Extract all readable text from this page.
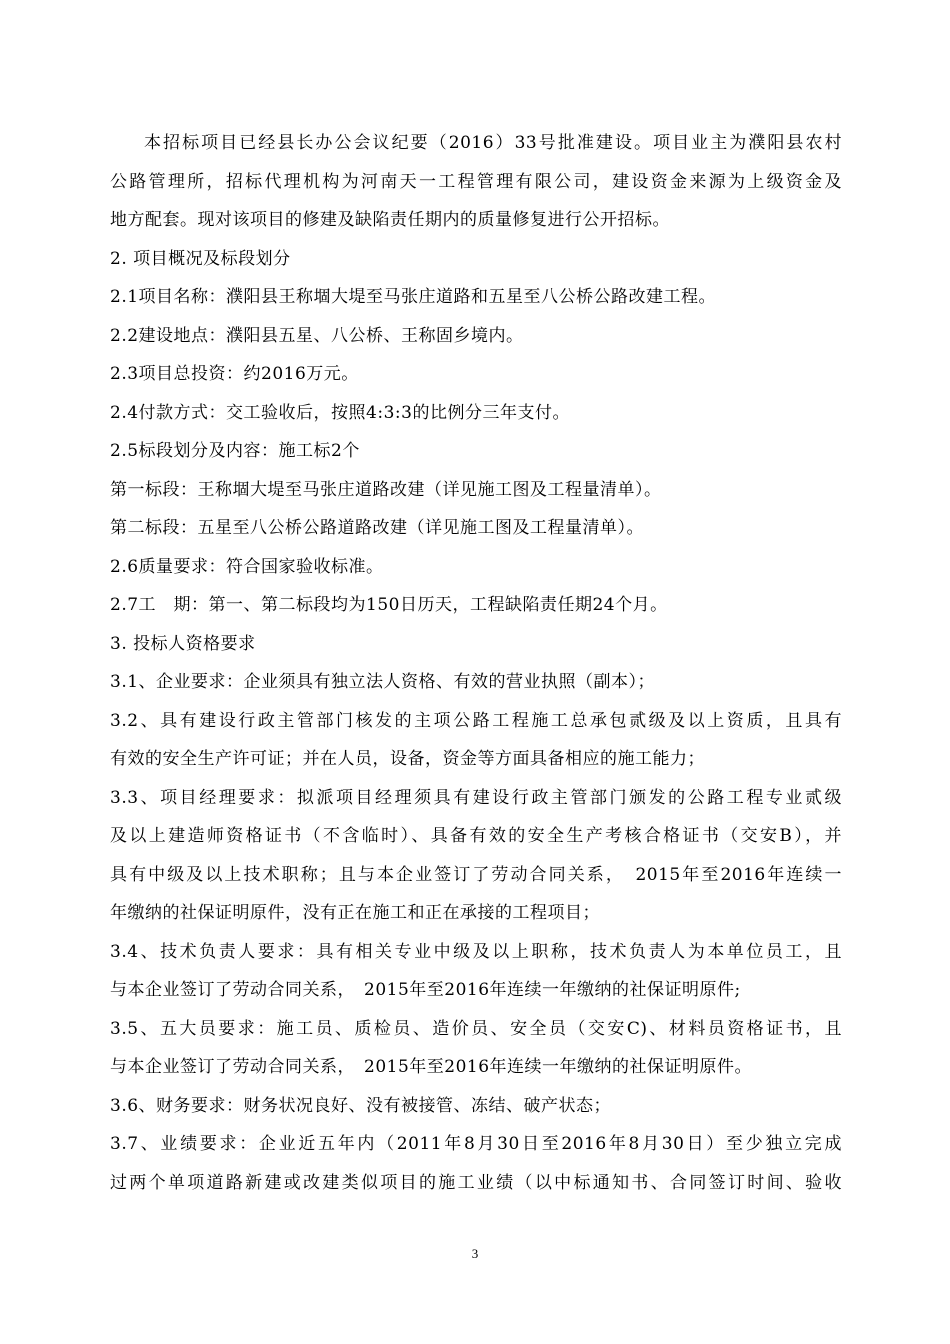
本招标项目已经县长办公会议纪要（2016）33号批准建设。项目业主为濮阳县农村
公路管理所，招标代理机构为河南天一工程管理有限公司，建设资金来源为上级资金及
地方配套。现对该项目的修建及缺陷责任期内的质量修复进行公开招标。
2. 项目概况及标段划分
2.1项目名称：濮阳县王称堌大堤至马张庄道路和五星至八公桥公路改建工程。
2.2建设地点：濮阳县五星、八公桥、王称固乡境内。
2.3项目总投资：约2016万元。
2.4付款方式：交工验收后，按照4:3:3的比例分三年支付。
2.5标段划分及内容：施工标2个
第一标段：王称堌大堤至马张庄道路改建（详见施工图及工程量清单）。
第二标段：五星至八公桥公路道路改建（详见施工图及工程量清单）。
2.6质量要求：符合国家验收标准。
2.7工　期：第一、第二标段均为150日历天，工程缺陷责任期24个月。
3. 投标人资格要求
3.1、企业要求：企业须具有独立法人资格、有效的营业执照（副本）；
3.2、具有建设行政主管部门核发的主项公路工程施工总承包贰级及以上资质，且具有
有效的安全生产许可证；并在人员，设备，资金等方面具备相应的施工能力；
3.3、项目经理要求：拟派项目经理须具有建设行政主管部门颁发的公路工程专业贰级
及以上建造师资格证书（不含临时）、具备有效的安全生产考核合格证书（交安B），并
具有中级及以上技术职称；且与本企业签订了劳动合同关系，　2015年至2016年连续一
年缴纳的社保证明原件，没有正在施工和正在承接的工程项目；
3.4、技术负责人要求：具有相关专业中级及以上职称，技术负责人为本单位员工，且
与本企业签订了劳动合同关系，　2015年至2016年连续一年缴纳的社保证明原件;
3.5、五大员要求：施工员、质检员、造价员、安全员（交安C)、材料员资格证书，且
与本企业签订了劳动合同关系，　2015年至2016年连续一年缴纳的社保证明原件。
3.6、财务要求：财务状况良好、没有被接管、冻结、破产状态；
3.7、业绩要求：企业近五年内（2011年8月30日至2016年8月30日）至少独立完成
过两个单项道路新建或改建类似项目的施工业绩（以中标通知书、合同签订时间、验收
3
